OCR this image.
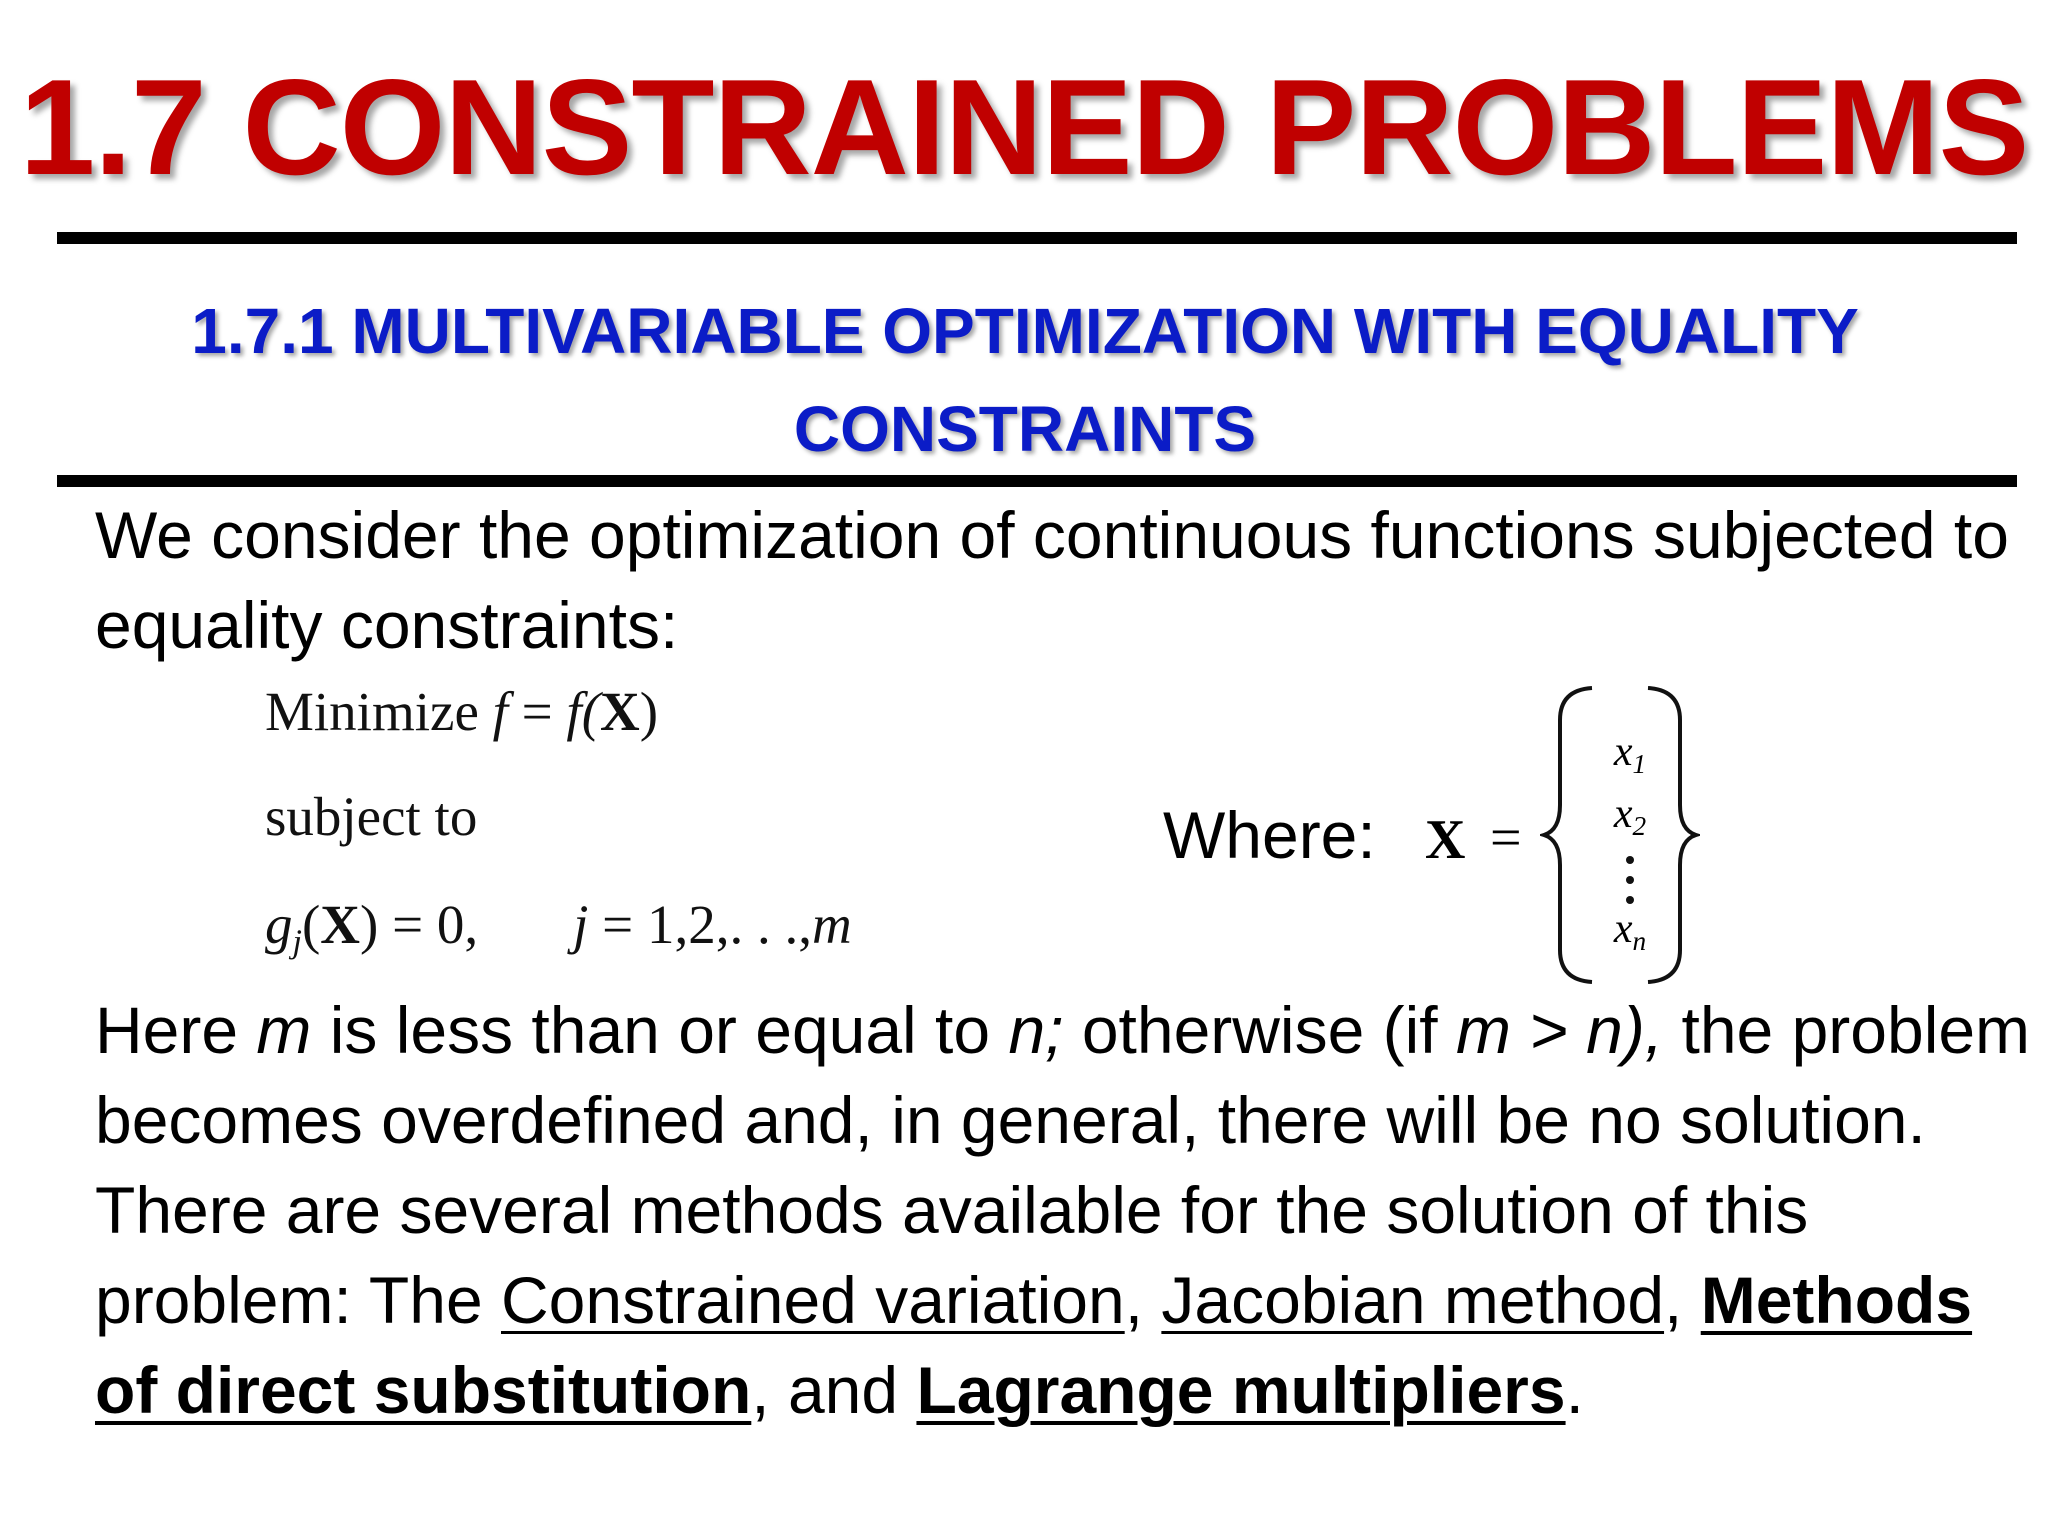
1.7 CONSTRAINED PROBLEMS
1.7.1 MULTIVARIABLE OPTIMIZATION WITH EQUALITY
CONSTRAINTS
We consider the optimization of continuous functions subjected to equality constraints:
Minimize f = f(X)
subject to
$g_j(X) = 0$, j = 1,2,. . .,m
Where: X =
x1
x2
xn
Here m is less than or equal to n; otherwise (if m > n), the problem becomes overdefined and, in general, there will be no solution. There are several methods available for the solution of this problem: The Constrained variation, Jacobian method, Methods of direct substitution, and Lagrange multipliers.
